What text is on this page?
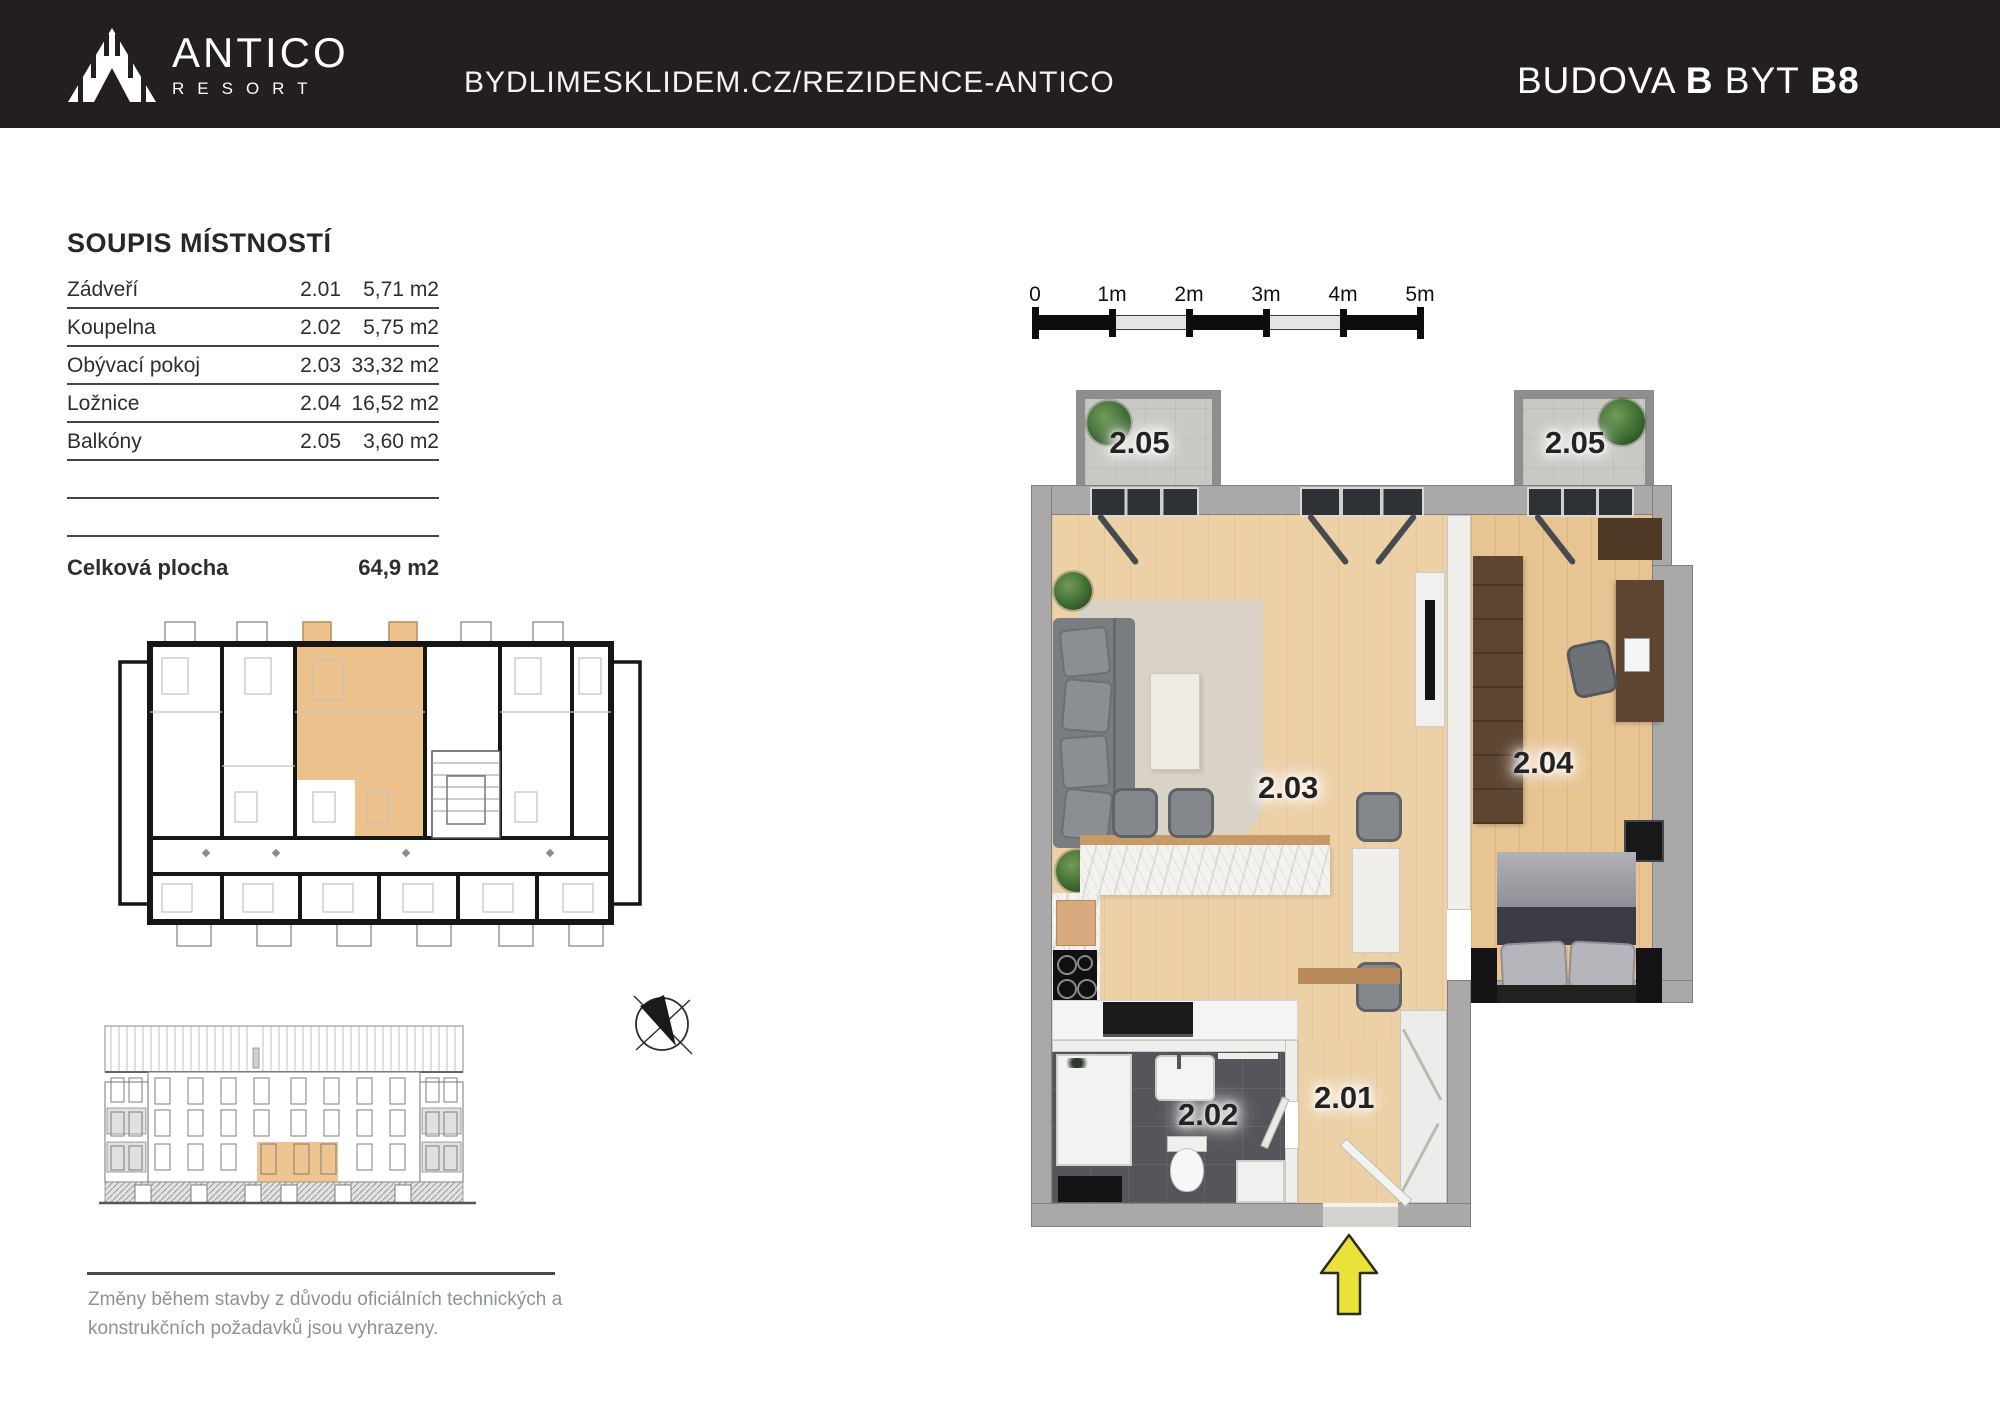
ANTICO
RESORT	BYDLIMESKLIDEM.CZ/REZIDENCE-ANTICO	BUDOVA B BYT B8
SOUPIS MÍSTNOSTÍ
Zádveří	2.01	5,71 m2
Koupelna	2.02	5,75 m2
Obývací pokoj	2.03 33,32 m2
Ložnice	2.04 16,52 m2
Balkóny	2.05	3,60 m2
Celková plocha	64,9 m2
Změny během stavby z důvodu oficiálních technických a
konstrukčních požadavků jsou vyhrazeny.
0	1m	2m	3m	4m	5m
2.05	2.05
2.03
2.04
2.02 2.01
